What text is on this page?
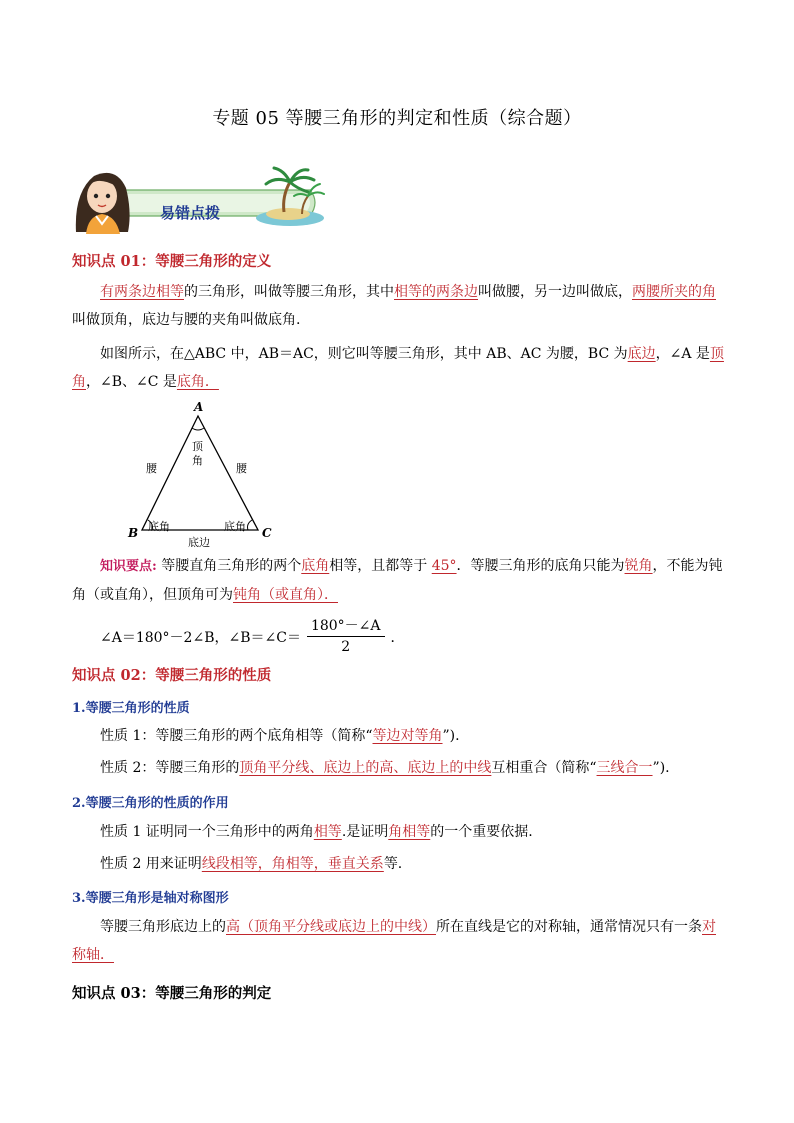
专题 05 等腰三角形的判定和性质（综合题）
易错点拨
知识点 01：等腰三角形的定义
有两条边相等的三角形，叫做等腰三角形，其中相等的两条边叫做腰，另一边叫做底，两腰所夹的角叫做顶角，底边与腰的夹角叫做底角.
如图所示，在△ABC 中，AB＝AC，则它叫等腰三角形，其中 AB、AC 为腰，BC 为底边，∠A 是顶角，∠B、∠C 是底角．
A
B	C
腰	腰
顶
角
底角	底角
底边
知识要点: 等腰直角三角形的两个底角相等，且都等于 45°．等腰三角形的底角只能为锐角，不能为钝角（或直角），但顶角可为钝角（或直角）．
∠A＝180°－2∠B，∠B＝∠C＝ $\frac{180^\circ-\angle A}{2}$ ．
知识点 02：等腰三角形的性质
1.等腰三角形的性质
性质 1：等腰三角形的两个底角相等（简称“等边对等角”).
性质 2：等腰三角形的顶角平分线、底边上的高、底边上的中线互相重合（简称“三线合一”).
2.等腰三角形的性质的作用
性质 1 证明同一个三角形中的两角相等.是证明角相等的一个重要依据.
性质 2 用来证明线段相等，角相等，垂直关系等.
3.等腰三角形是轴对称图形
等腰三角形底边上的高（顶角平分线或底边上的中线）所在直线是它的对称轴，通常情况只有一条对称轴．
知识点 03：等腰三角形的判定
